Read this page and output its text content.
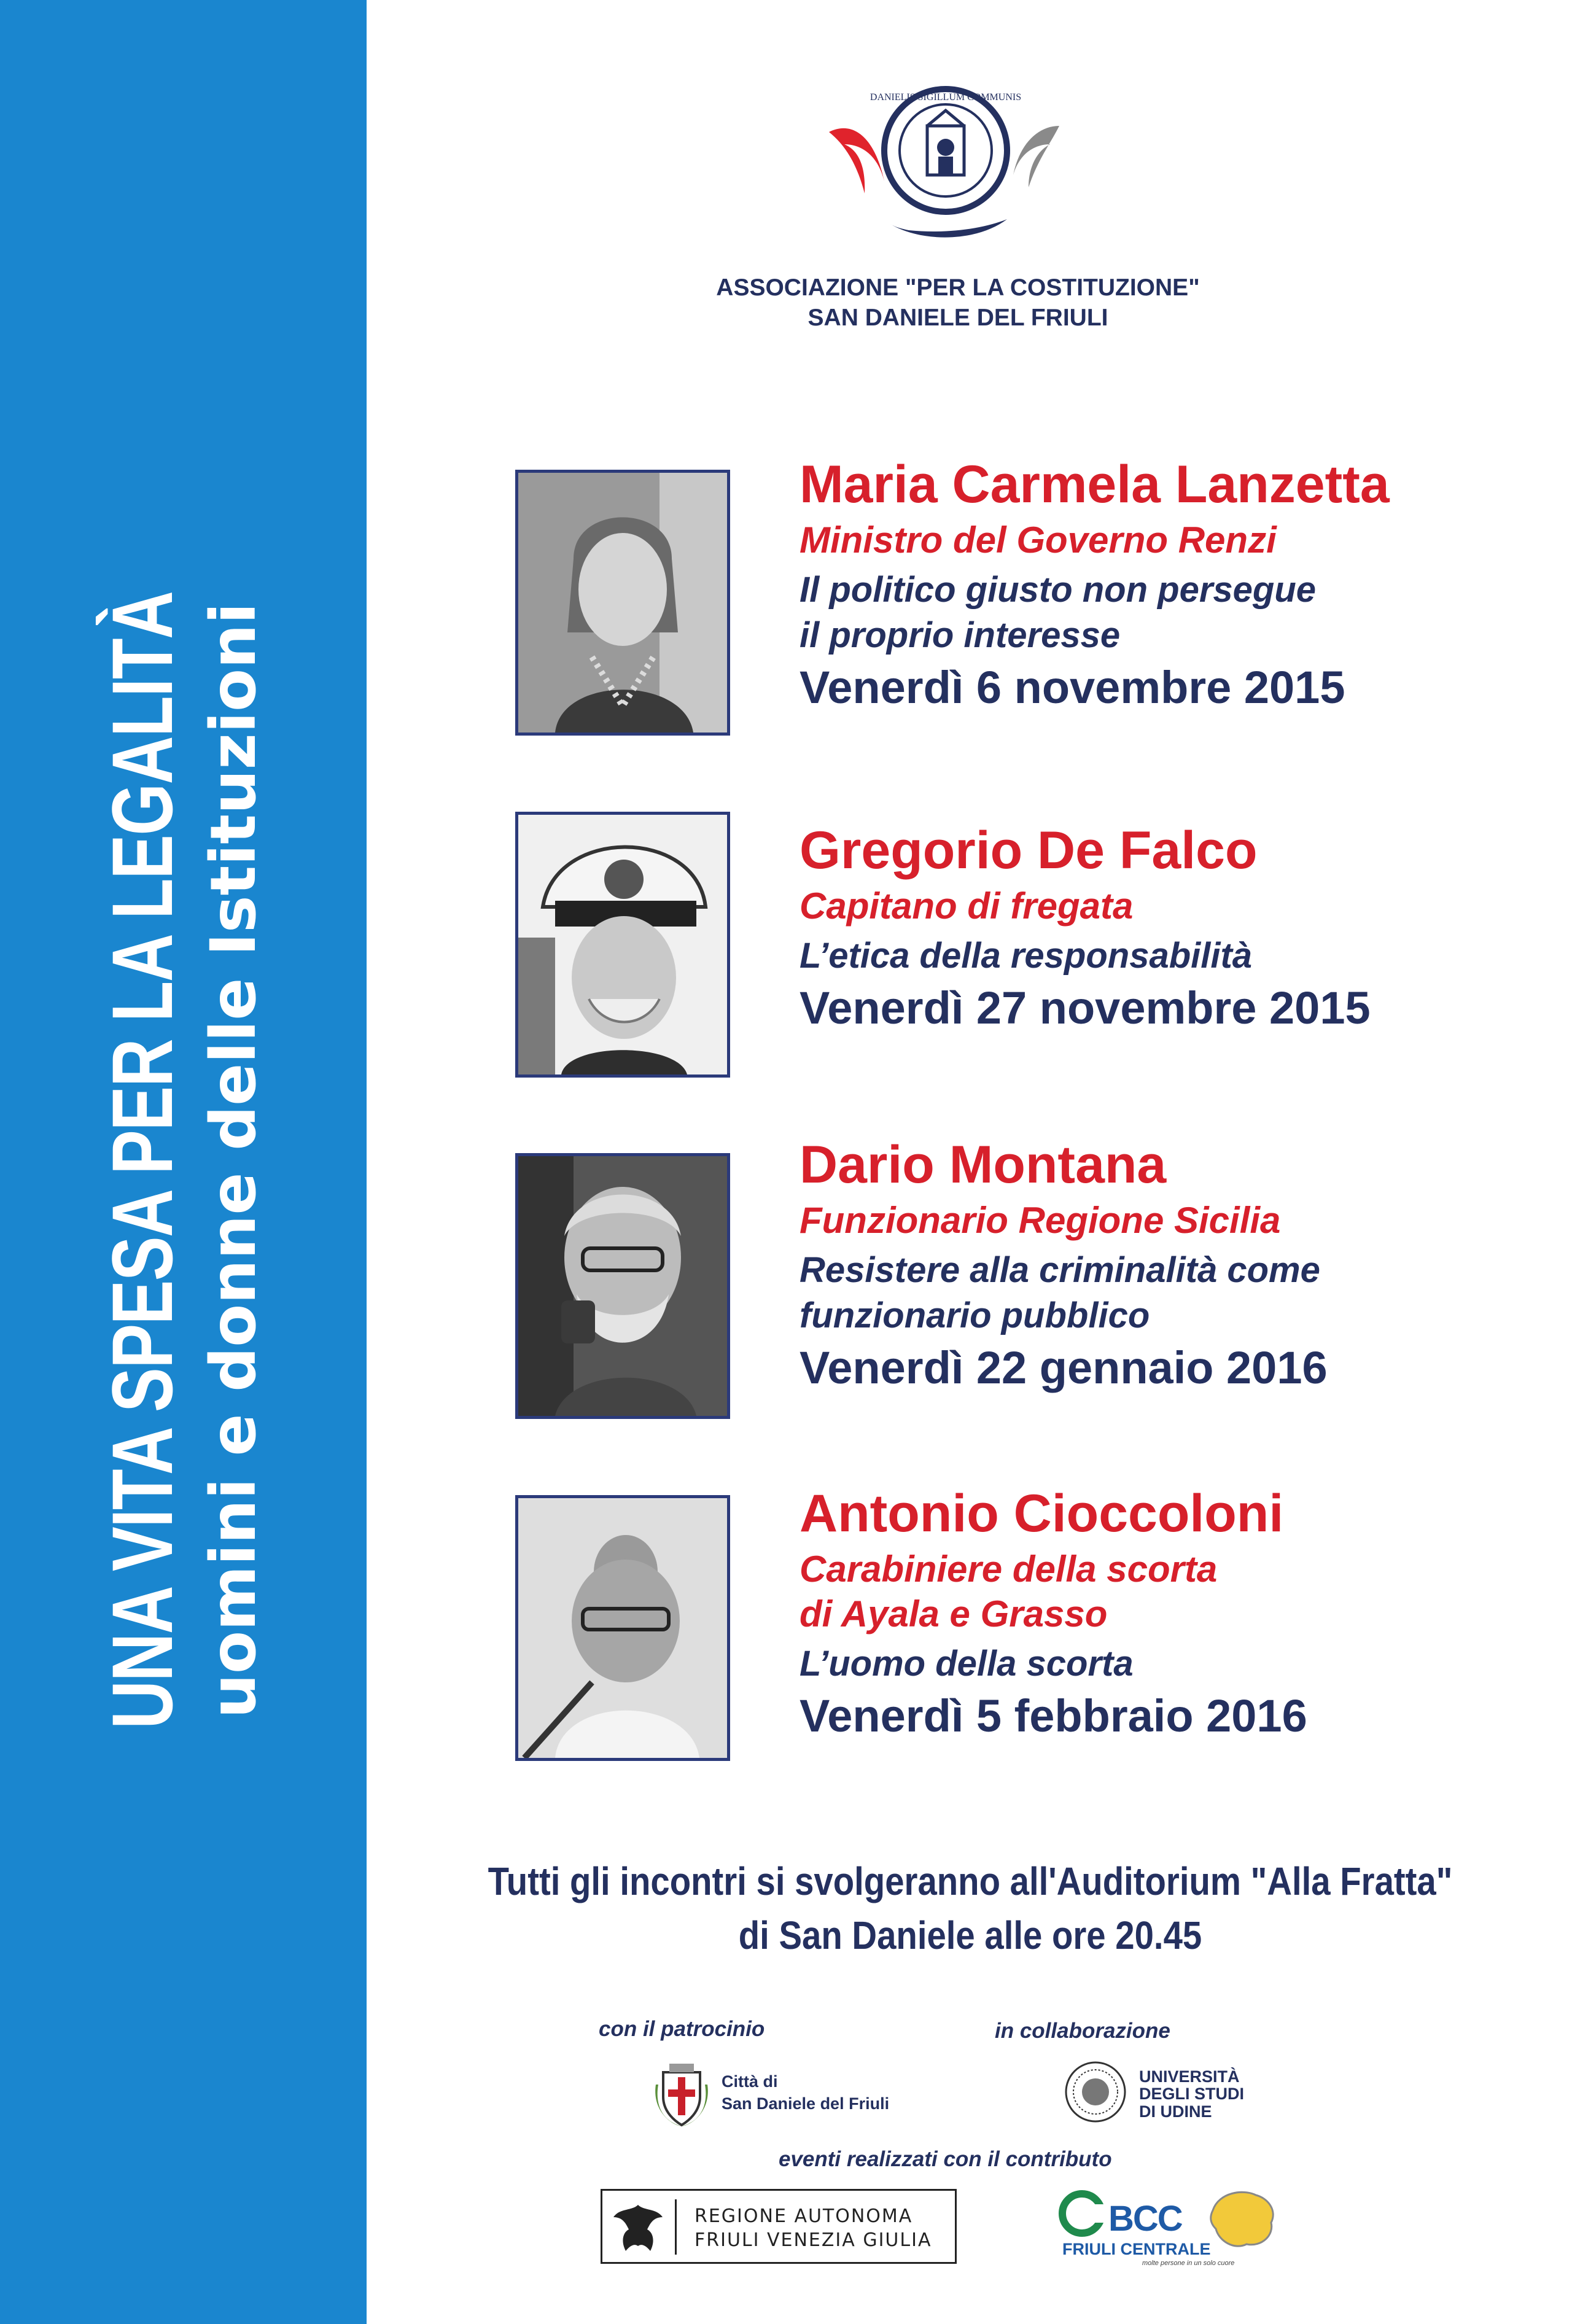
UNA VITA SPESA PER LA LEGALITÀ uomini e donne delle Istituzioni
DANIELIS SIGILLUM COMMUNIS
ASSOCIAZIONE "PER LA COSTITUZIONE"
SAN DANIELE DEL FRIULI
Maria Carmela Lanzetta
Ministro del Governo Renzi
Il politico giusto non persegue
il proprio interesse
Venerdì 6 novembre 2015
Gregorio De Falco
Capitano di fregata
L’etica della responsabilità
Venerdì 27 novembre 2015
Dario Montana
Funzionario Regione Sicilia
Resistere alla criminalità come
funzionario pubblico
Venerdì 22 gennaio 2016
Antonio Cioccoloni
Carabiniere della scorta
di Ayala e Grasso
L’uomo della scorta
Venerdì 5 febbraio 2016
Tutti gli incontri si svolgeranno all'Auditorium "Alla Fratta"
di San Daniele alle ore 20.45
con il patrocinio	in collaborazione
Città di
San Daniele del Friuli
UNIVERSITÀ
DEGLI STUDI
DI UDINE
eventi realizzati con il contributo
REGIONE AUTONOMA
FRIULI VENEZIA GIULIA
BCC
FRIULI CENTRALE
molte persone in un solo cuore
